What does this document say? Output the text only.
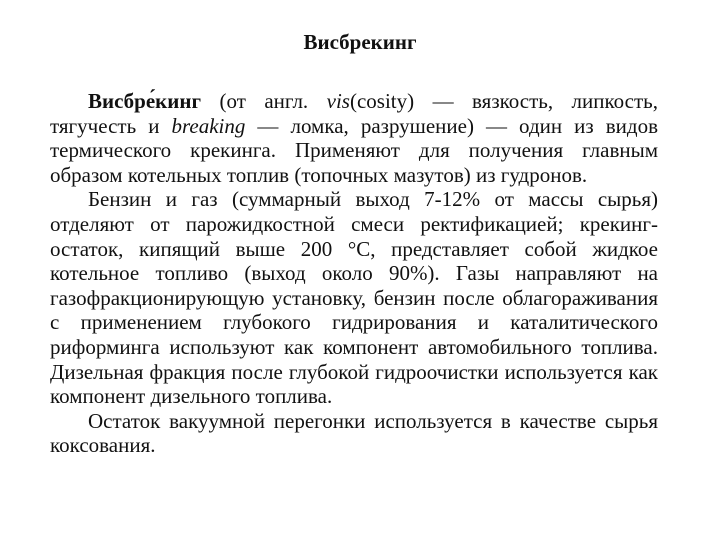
Висбрекинг

Висбре́кинг (от англ. vis(cosity) — вязкость, липкость, тягучесть и breaking — ломка, разрушение) — один из видов термического крекинга. Применяют для получения главным образом котельных топлив (топочных мазутов) из гудронов.

Бензин и газ (суммарный выход 7-12% от массы сырья) отделяют от парожидкостной смеси ректификацией; крекинг-остаток, кипящий выше 200 °С, представляет собой жидкое котельное топливо (выход около 90%). Газы направляют на газофракционирующую установку, бензин после облагораживания с применением глубокого гидрирования и каталитического риформинга используют как компонент автомобильного топлива. Дизельная фракция после глубокой гидроочистки используется как компонент дизельного топлива.

Остаток вакуумной перегонки используется в качестве сырья коксования.
